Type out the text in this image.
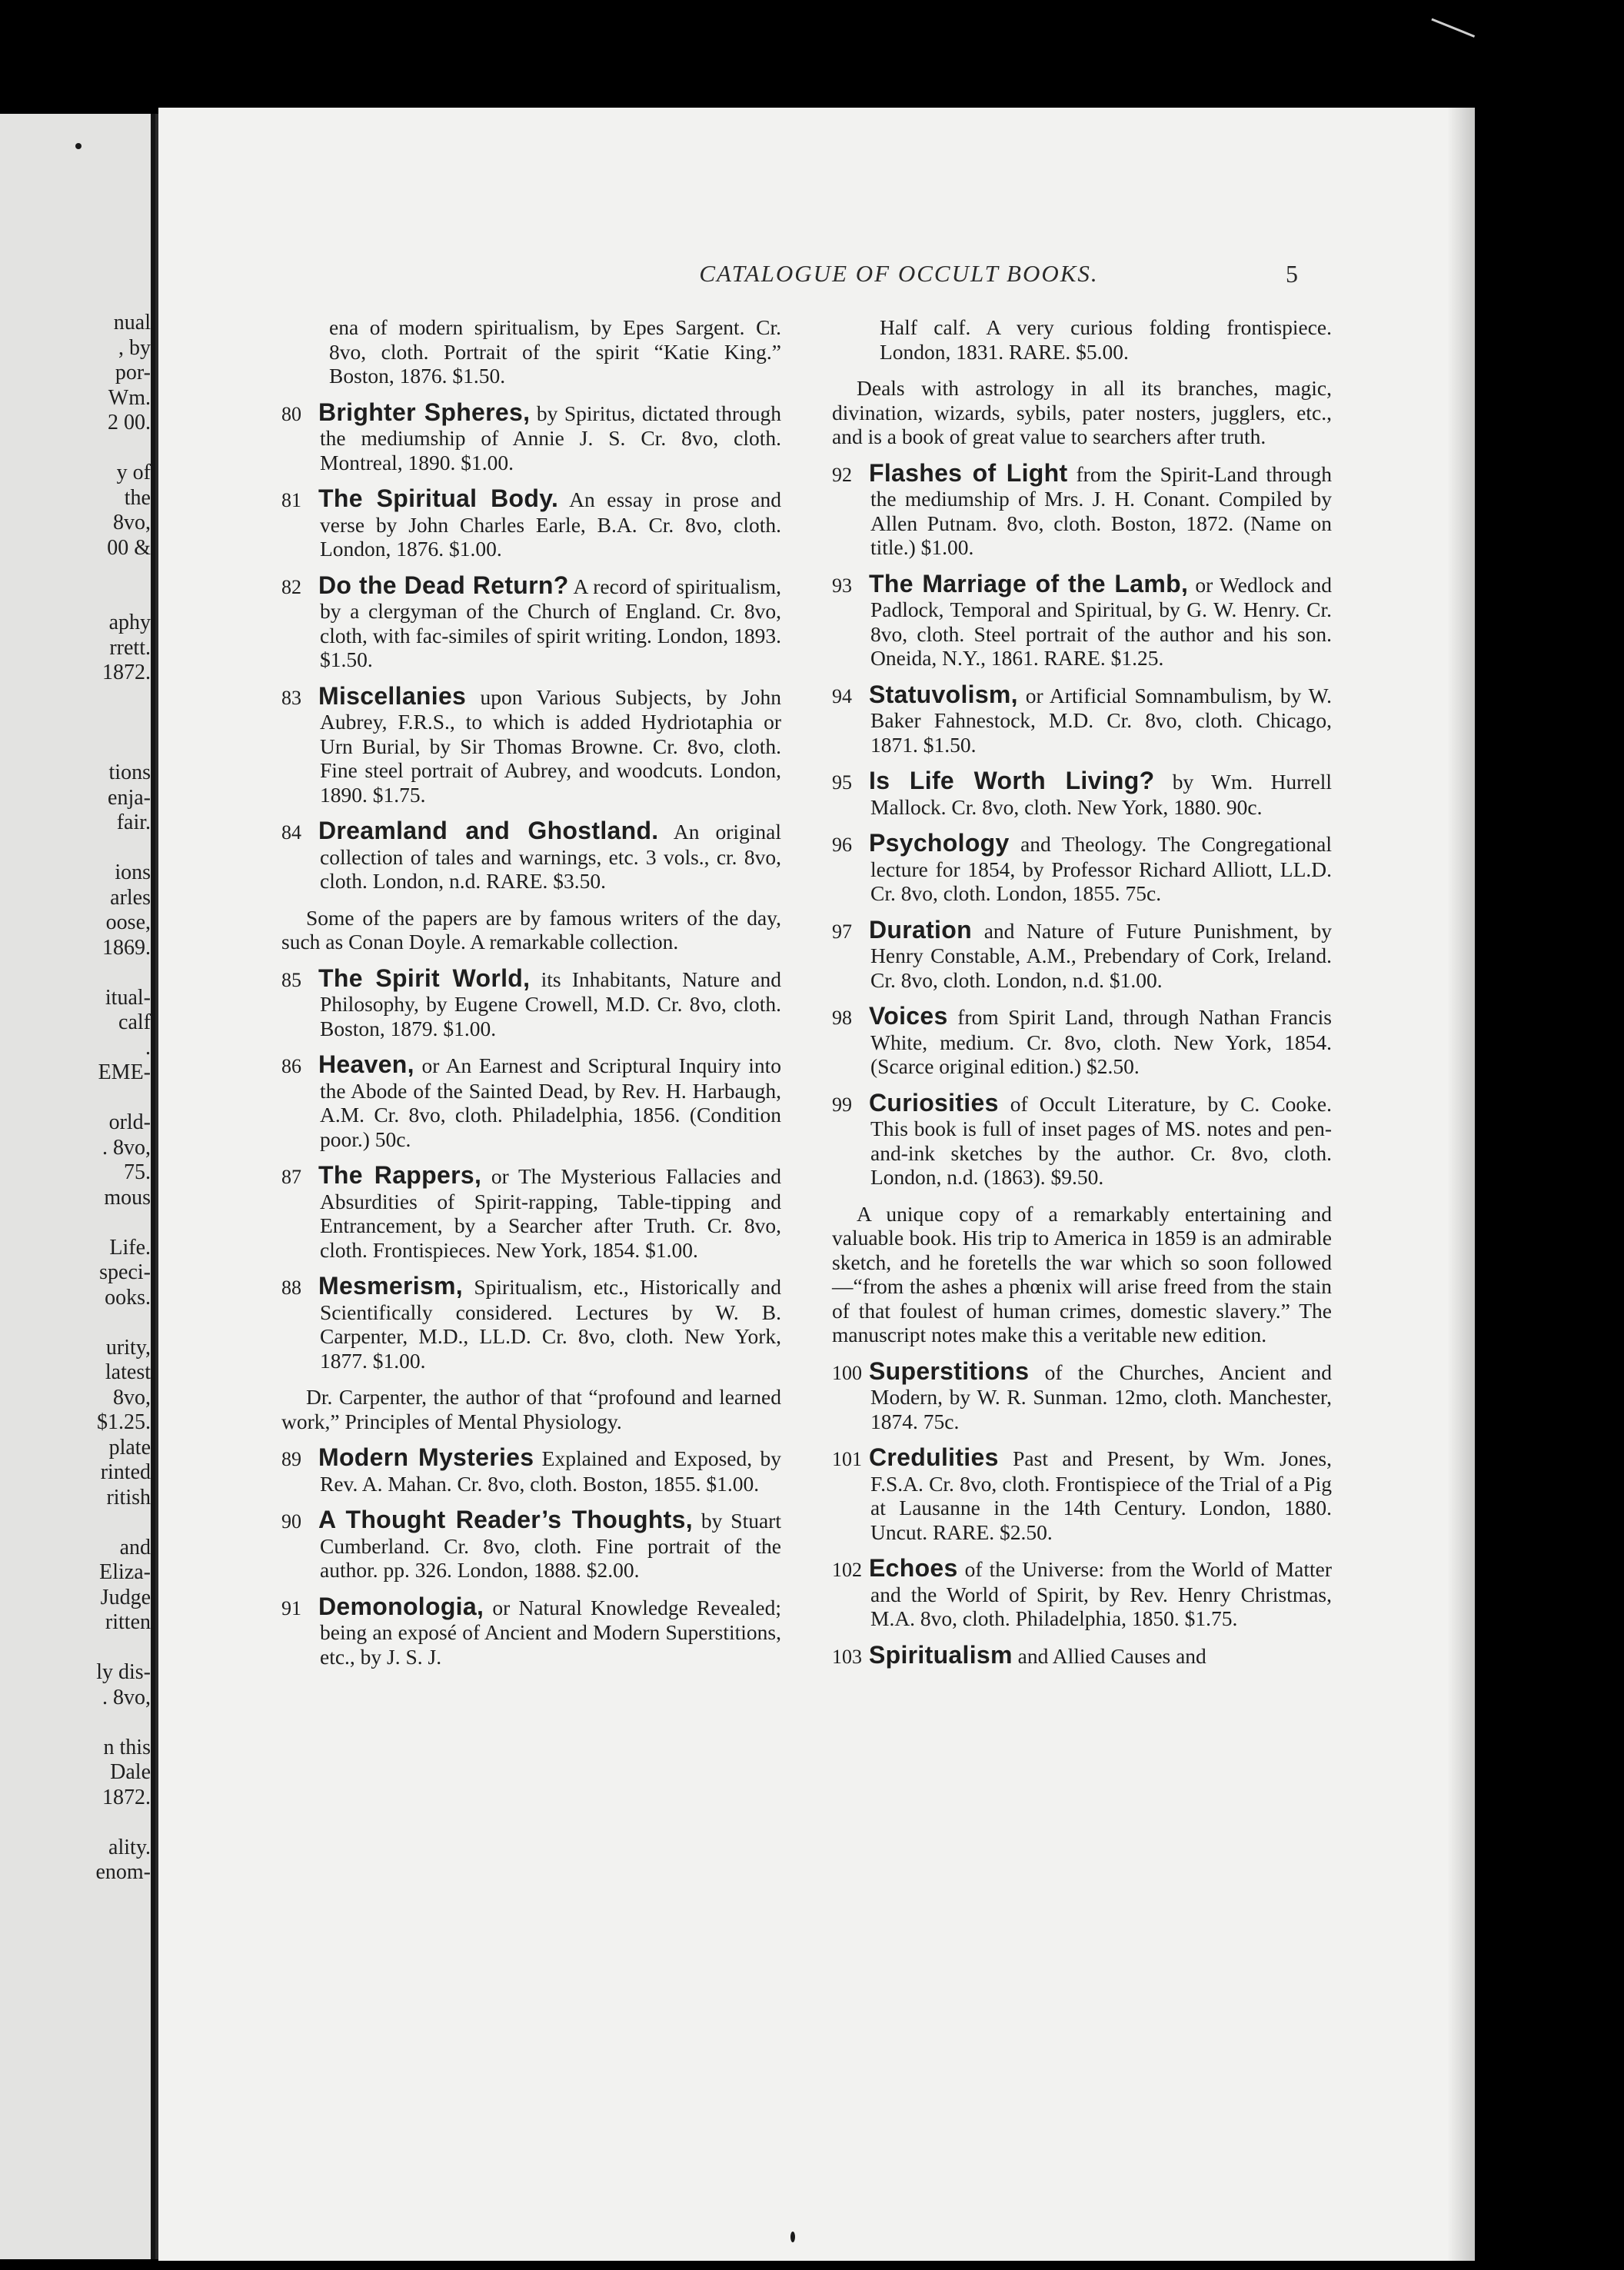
nual
, by
por-
Wm.
2 00.

y of
the
8vo,
00 &

aphy
rrett.
1872.

tions
enja-
fair.

ions
arles
oose,
1869.

itual-
calf
.
EME-

orld-
. 8vo,
75.
mous

Life.
speci-
ooks.

urity,
latest
8vo,
$1.25.
plate
rinted
ritish

and
Eliza-
Judge
ritten

ly dis-
. 8vo,

n this
Dale
1872.

ality.
enom-
CATALOGUE OF OCCULT BOOKS.	5

ena of modern spiritualism, by Epes Sargent. Cr. 8vo, cloth. Portrait of the spirit “Katie King.” Boston, 1876. $1.50.

80 Brighter Spheres, by Spiritus, dictated through the mediumship of Annie J. S. Cr. 8vo, cloth. Montreal, 1890. $1.00.

81 The Spiritual Body. An essay in prose and verse by John Charles Earle, B.A. Cr. 8vo, cloth. London, 1876. $1.00.

82 Do the Dead Return? A record of spiritualism, by a clergyman of the Church of England. Cr. 8vo, cloth, with fac-similes of spirit writing. London, 1893. $1.50.

83 Miscellanies upon Various Subjects, by John Aubrey, F.R.S., to which is added Hydriotaphia or Urn Burial, by Sir Thomas Browne. Cr. 8vo, cloth. Fine steel portrait of Aubrey, and woodcuts. London, 1890. $1.75.

84 Dreamland and Ghostland. An original collection of tales and warnings, etc. 3 vols., cr. 8vo, cloth. London, n.d. RARE. $3.50.

Some of the papers are by famous writers of the day, such as Conan Doyle. A remarkable collection.

85 The Spirit World, its Inhabitants, Nature and Philosophy, by Eugene Crowell, M.D. Cr. 8vo, cloth. Boston, 1879. $1.00.

86 Heaven, or An Earnest and Scriptural Inquiry into the Abode of the Sainted Dead, by Rev. H. Harbaugh, A.M. Cr. 8vo, cloth. Philadelphia, 1856. (Condition poor.) 50c.

87 The Rappers, or The Mysterious Fallacies and Absurdities of Spirit-rapping, Table-tipping and Entrancement, by a Searcher after Truth. Cr. 8vo, cloth. Frontispieces. New York, 1854. $1.00.

88 Mesmerism, Spiritualism, etc., Historically and Scientifically considered. Lectures by W. B. Carpenter, M.D., LL.D. Cr. 8vo, cloth. New York, 1877. $1.00.

Dr. Carpenter, the author of that “profound and learned work,” Principles of Mental Physiology.

89 Modern Mysteries Explained and Exposed, by Rev. A. Mahan. Cr. 8vo, cloth. Boston, 1855. $1.00.

90 A Thought Reader’s Thoughts, by Stuart Cumberland. Cr. 8vo, cloth. Fine portrait of the author. pp. 326. London, 1888. $2.00.

91 Demonologia, or Natural Knowledge Revealed; being an exposé of Ancient and Modern Superstitions, etc., by J. S. J.

Half calf. A very curious folding frontispiece. London, 1831. RARE. $5.00.

Deals with astrology in all its branches, magic, divination, wizards, sybils, pater nosters, jugglers, etc., and is a book of great value to searchers after truth.

92 Flashes of Light from the Spirit-Land through the mediumship of Mrs. J. H. Conant. Compiled by Allen Putnam. 8vo, cloth. Boston, 1872. (Name on title.) $1.00.

93 The Marriage of the Lamb, or Wedlock and Padlock, Temporal and Spiritual, by G. W. Henry. Cr. 8vo, cloth. Steel portrait of the author and his son. Oneida, N.Y., 1861. RARE. $1.25.

94 Statuvolism, or Artificial Somnambulism, by W. Baker Fahnestock, M.D. Cr. 8vo, cloth. Chicago, 1871. $1.50.

95 Is Life Worth Living? by Wm. Hurrell Mallock. Cr. 8vo, cloth. New York, 1880. 90c.

96 Psychology and Theology. The Congregational lecture for 1854, by Professor Richard Alliott, LL.D. Cr. 8vo, cloth. London, 1855. 75c.

97 Duration and Nature of Future Punishment, by Henry Constable, A.M., Prebendary of Cork, Ireland. Cr. 8vo, cloth. London, n.d. $1.00.

98 Voices from Spirit Land, through Nathan Francis White, medium. Cr. 8vo, cloth. New York, 1854. (Scarce original edition.) $2.50.

99 Curiosities of Occult Literature, by C. Cooke. This book is full of inset pages of MS. notes and pen-and-ink sketches by the author. Cr. 8vo, cloth. London, n.d. (1863). $9.50.

A unique copy of a remarkably entertaining and valuable book. His trip to America in 1859 is an admirable sketch, and he foretells the war which so soon followed—“from the ashes a phœnix will arise freed from the stain of that foulest of human crimes, domestic slavery.” The manuscript notes make this a veritable new edition.

100 Superstitions of the Churches, Ancient and Modern, by W. R. Sunman. 12mo, cloth. Manchester, 1874. 75c.

101 Credulities Past and Present, by Wm. Jones, F.S.A. Cr. 8vo, cloth. Frontispiece of the Trial of a Pig at Lausanne in the 14th Century. London, 1880. Uncut. RARE. $2.50.

102 Echoes of the Universe: from the World of Matter and the World of Spirit, by Rev. Henry Christmas, M.A. 8vo, cloth. Philadelphia, 1850. $1.75.

103 Spiritualism and Allied Causes and
